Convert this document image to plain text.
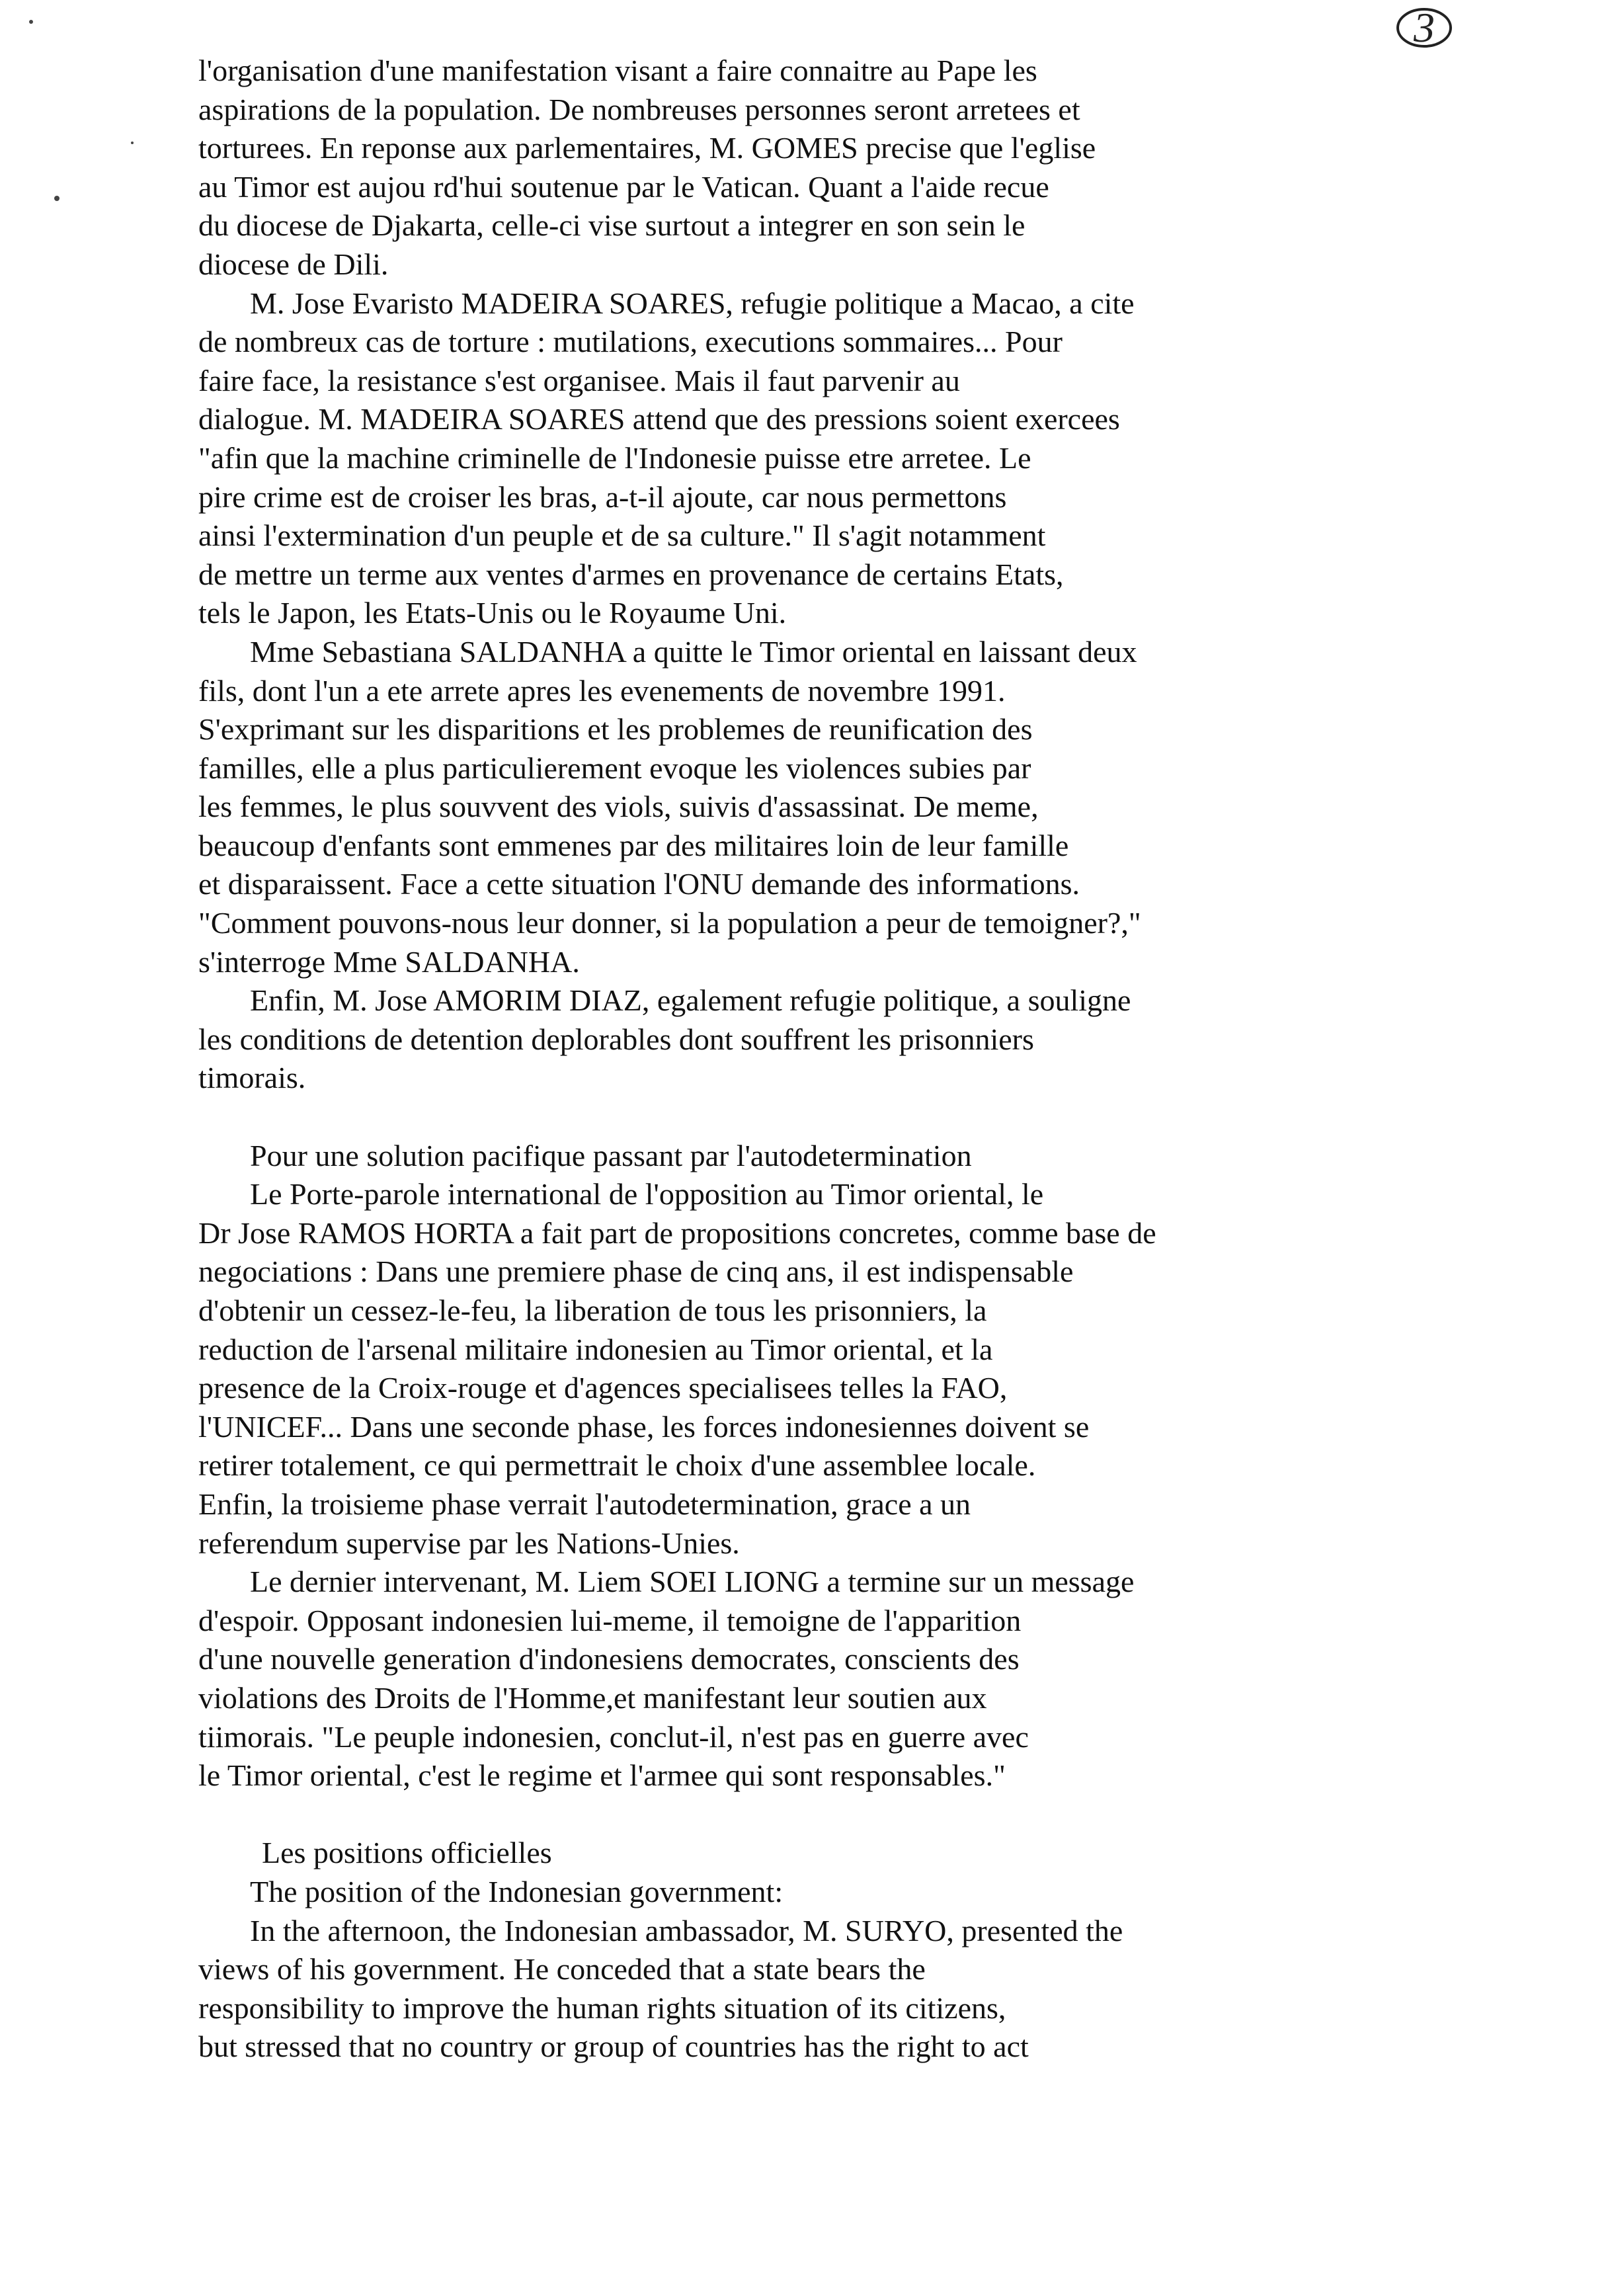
3
l'organisation d'une manifestation visant a faire connaitre au Pape les
aspirations de la population. De nombreuses personnes seront arretees et
torturees. En reponse aux parlementaires, M. GOMES precise que l'eglise
au Timor est aujou rd'hui soutenue par le Vatican. Quant a l'aide recue
du diocese de Djakarta, celle-ci vise surtout a integrer en son sein le
diocese de Dili.
M. Jose Evaristo MADEIRA SOARES, refugie politique a Macao, a cite
de nombreux cas de torture : mutilations, executions sommaires... Pour
faire face, la resistance s'est organisee. Mais il faut parvenir au
dialogue. M. MADEIRA SOARES attend que des pressions soient exercees
"afin que la machine criminelle de l'Indonesie puisse etre arretee. Le
pire crime est de croiser les bras, a-t-il ajoute, car nous permettons
ainsi l'extermination d'un peuple et de sa culture." Il s'agit notamment
de mettre un terme aux ventes d'armes en provenance de certains Etats,
tels le Japon, les Etats-Unis ou le Royaume Uni.
Mme Sebastiana SALDANHA a quitte le Timor oriental en laissant deux
fils, dont l'un a ete arrete apres les evenements de novembre 1991.
S'exprimant sur les disparitions et les problemes de reunification des
familles, elle a plus particulierement evoque les violences subies par
les femmes, le plus souvvent des viols, suivis d'assassinat. De meme,
beaucoup d'enfants sont emmenes par des militaires loin de leur famille
et disparaissent. Face a cette situation l'ONU demande des informations.
"Comment pouvons-nous leur donner, si la population a peur de temoigner?,"
s'interroge Mme SALDANHA.
Enfin, M. Jose AMORIM DIAZ, egalement refugie politique, a souligne
les conditions de detention deplorables dont souffrent les prisonniers
timorais.
Pour une solution pacifique passant par l'autodetermination
Le Porte-parole international de l'opposition au Timor oriental, le
Dr Jose RAMOS HORTA a fait part de propositions concretes, comme base de
negociations : Dans une premiere phase de cinq ans, il est indispensable
d'obtenir un cessez-le-feu, la liberation de tous les prisonniers, la
reduction de l'arsenal militaire indonesien au Timor oriental, et la
presence de la Croix-rouge et d'agences specialisees telles la FAO,
l'UNICEF... Dans une seconde phase, les forces indonesiennes doivent se
retirer totalement, ce qui permettrait le choix d'une assemblee locale.
Enfin, la troisieme phase verrait l'autodetermination, grace a un
referendum supervise par les Nations-Unies.
Le dernier intervenant, M. Liem SOEI LIONG a termine sur un message
d'espoir. Opposant indonesien lui-meme, il temoigne de l'apparition
d'une nouvelle generation d'indonesiens democrates, conscients des
violations des Droits de l'Homme,et manifestant leur soutien aux
tiimorais. "Le peuple indonesien, conclut-il, n'est pas en guerre avec
le Timor oriental, c'est le regime et l'armee qui sont responsables."
Les positions officielles
The position of the Indonesian government:
In the afternoon, the Indonesian ambassador, M. SURYO, presented the
views of his government. He conceded that a state bears the
responsibility to improve the human rights situation of its citizens,
but stressed that no country or group of countries has the right to act
